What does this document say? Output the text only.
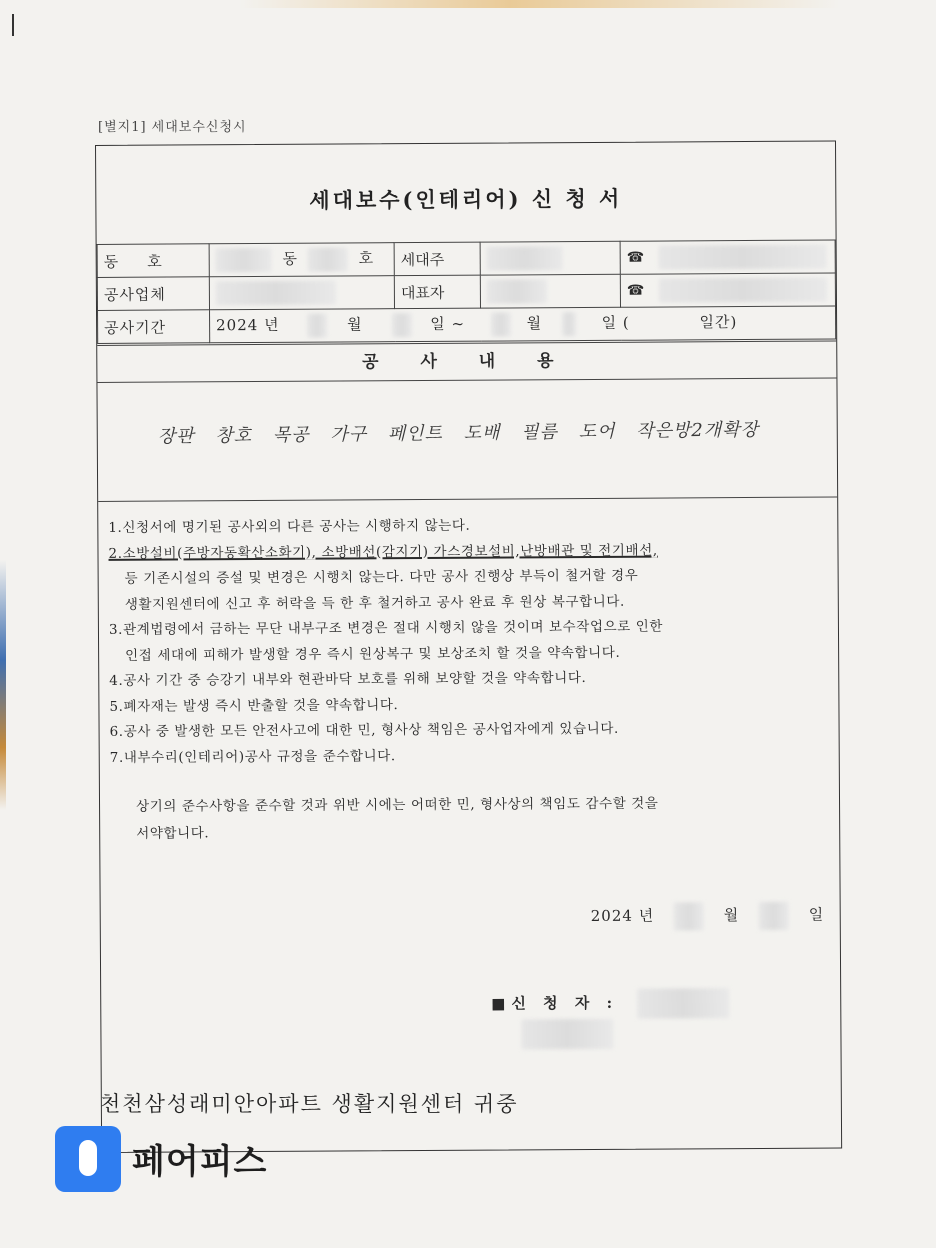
[별지1] 세대보수신청시
세대보수(인테리어) 신 청 서
동    호	동 호	세대주		☎
공사업체		대표자		☎
공사기간	2024 년 월 일 ~ 월 일 ( 일간)			
공 사 내 용
장판 창호 목공 가구 페인트 도배 필름 도어 작은방2개확장

1.신청서에 명기된 공사외의 다른 공사는 시행하지 않는다.

2.소방설비(주방자동확산소화기), 소방배선(감지기) 가스경보설비,난방배관 및 전기배선,

등 기존시설의 증설 및 변경은 시행치 않는다. 다만 공사 진행상 부득이 철거할 경우

생활지원센터에 신고 후 허락을 득 한 후 철거하고 공사 완료 후 원상 복구합니다.

3.관계법령에서 금하는 무단 내부구조 변경은 절대 시행치 않을 것이며 보수작업으로 인한

인접 세대에 피해가 발생할 경우 즉시 원상복구 및 보상조치 할 것을 약속합니다.

4.공사 기간 중 승강기 내부와 현관바닥 보호를 위해 보양할 것을 약속합니다.

5.폐자재는 발생 즉시 반출할 것을 약속합니다.

6.공사 중 발생한 모든 안전사고에 대한 민, 형사상 책임은 공사업자에게 있습니다.

7.내부수리(인테리어)공사 규정을 준수합니다.

상기의 준수사항을 준수할 것과 위반 시에는 어떠한 민, 형사상의 책임도 감수할 것을
서약합니다.
2024 년	월	일
■신 청 자 :
천천삼성래미안아파트 생활지원센터 귀중
페어피스
